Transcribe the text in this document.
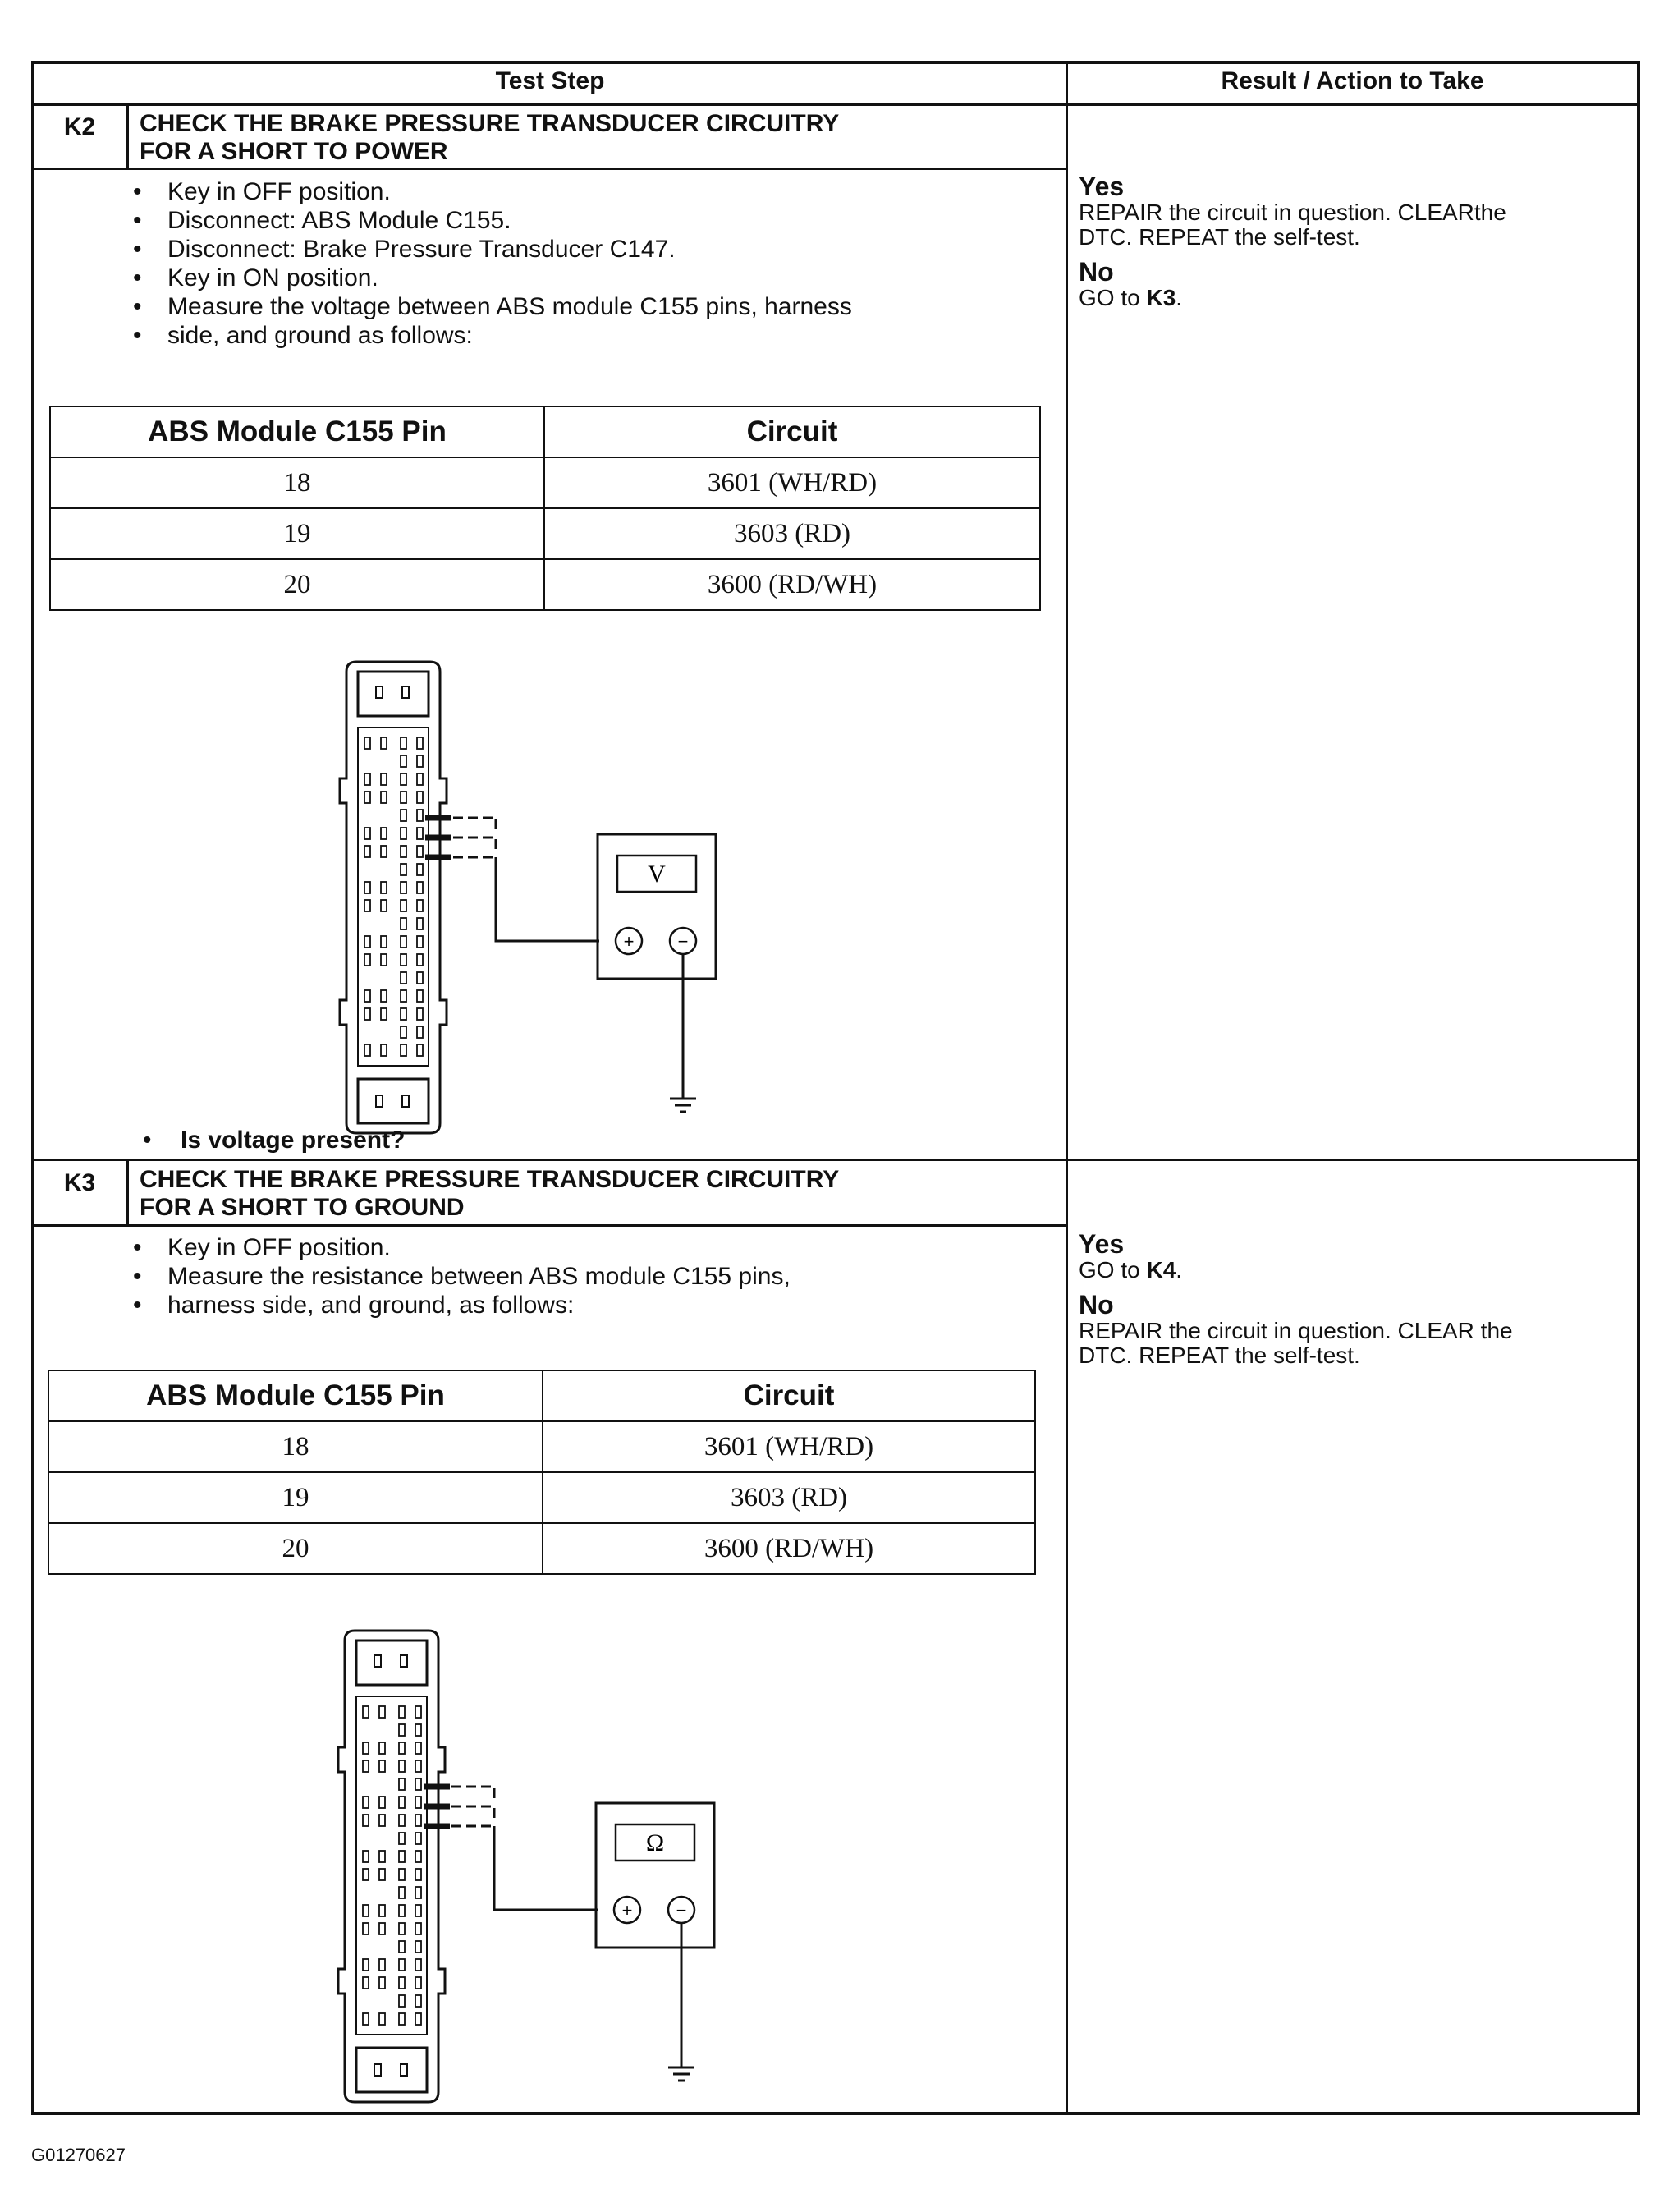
Test Step	Result / Action to Take
K2	CHECK THE BRAKE PRESSURE TRANSDUCER CIRCUITRY
FOR A SHORT TO POWER
• Key in OFF position.
• Disconnect: ABS Module C155.
• Disconnect: Brake Pressure Transducer C147.
• Key in ON position.
• Measure the voltage between ABS module C155 pins, harness
• side, and ground as follows:
ABS Module C155 Pin	Circuit
18	3601 (WH/RD)
19	3603 (RD)
20	3600 (RD/WH)
V
+ −
• Is voltage present?
Yes

REPAIR the circuit in question. CLEARthe
DTC. REPEAT the self-test.

No

GO to K3.

K3	CHECK THE BRAKE PRESSURE TRANSDUCER CIRCUITRY
FOR A SHORT TO GROUND
• Key in OFF position.
• Measure the resistance between ABS module C155 pins,
• harness side, and ground, as follows:
ABS Module C155 Pin	Circuit
18	3601 (WH/RD)
19	3603 (RD)
20	3600 (RD/WH)
Ω
+ −
Yes

GO to K4.

No

REPAIR the circuit in question. CLEAR the
DTC. REPEAT the self-test.

G01270627
